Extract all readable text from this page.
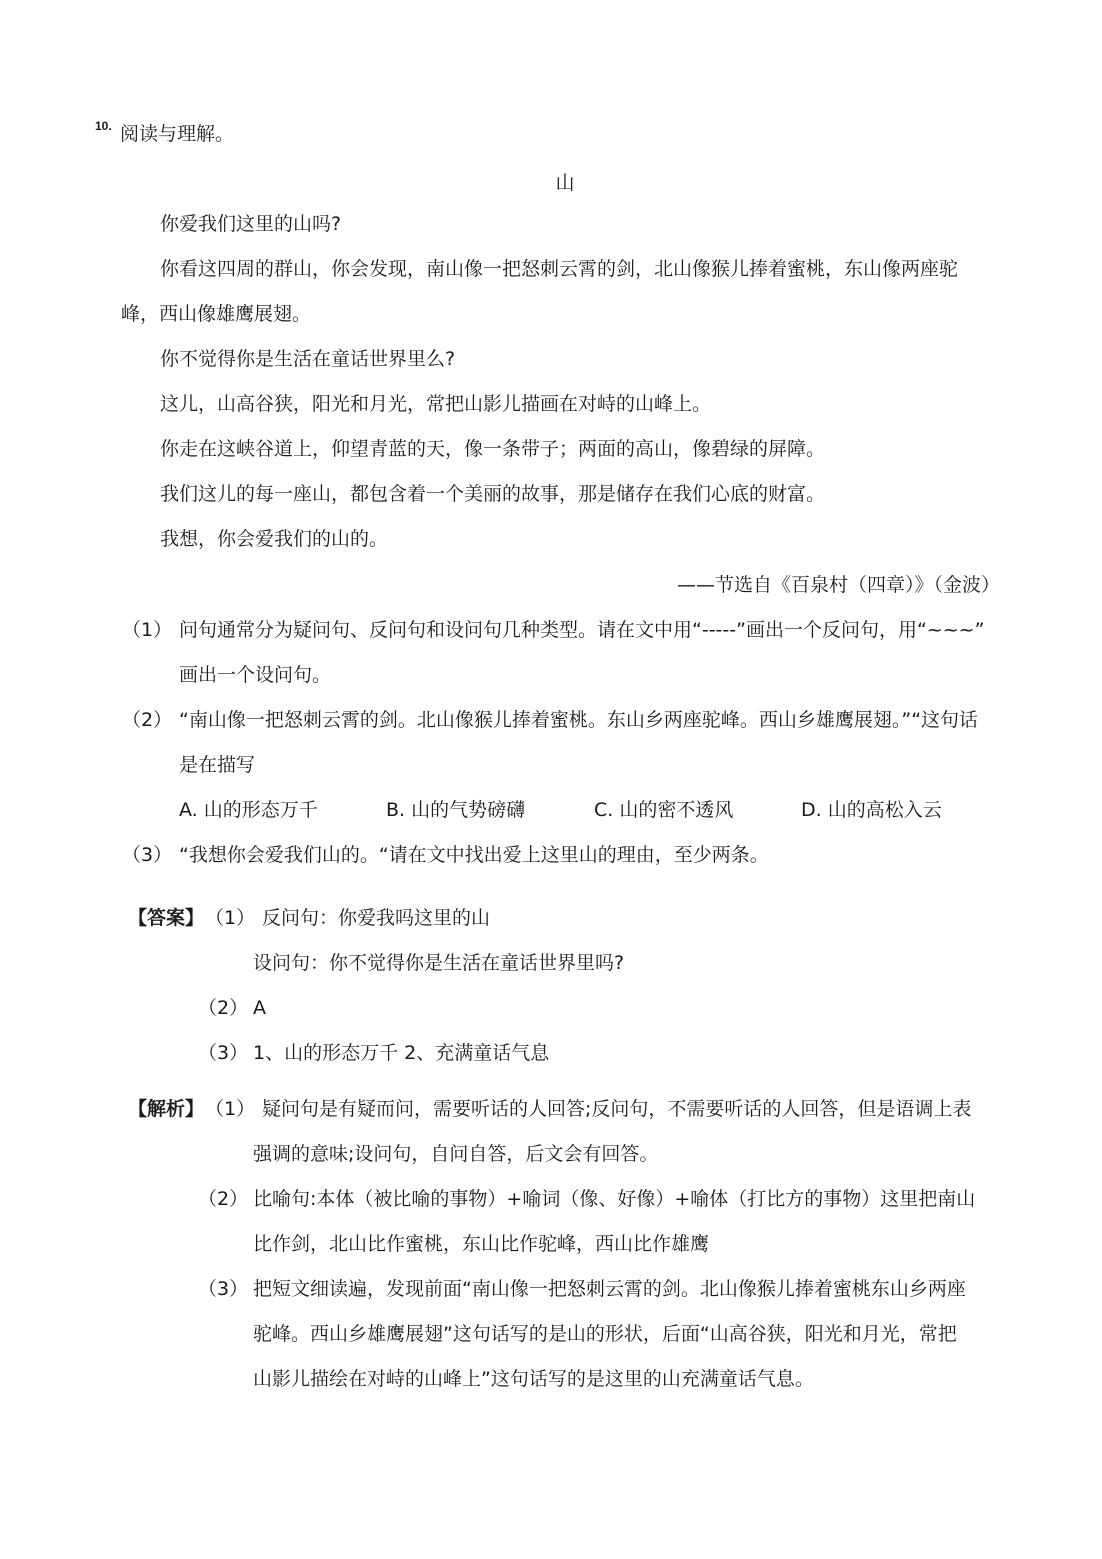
10. 阅读与理解。
山
你爱我们这里的山吗?
你看这四周的群山，你会发现，南山像一把怒刺云霄的剑，北山像猴儿捧着蜜桃，东山像两座驼
峰，西山像雄鹰展翅。
你不觉得你是生活在童话世界里么?
这儿，山高谷狭，阳光和月光，常把山影儿描画在对峙的山峰上。
你走在这峡谷道上，仰望青蓝的天，像一条带子；两面的高山，像碧绿的屏障。
我们这儿的每一座山，都包含着一个美丽的故事，那是储存在我们心底的财富。
我想，你会爱我们的山的。
——节选自《百泉村（四章）》（金波）
（1） 问句通常分为疑问句、反问句和设问句几种类型。请在文中用“-----”画出一个反问句，用“~~~”
画出一个设问句。
（2） “南山像一把怒刺云霄的剑。北山像猴儿捧着蜜桃。东山乡两座驼峰。西山乡雄鹰展翅。”“这句话
是在描写
A. 山的形态万千	B. 山的气势磅礴	C. 山的密不透风	D. 山的高松入云
（3） “我想你会爱我们山的。“请在文中找出爱上这里山的理由，至少两条。
【答案】 （1） 反问句：你爱我吗这里的山
设问句：你不觉得你是生活在童话世界里吗?
（2） A
（3） 1、山的形态万千 2、充满童话气息
【解析】 （1） 疑问句是有疑而问，需要听话的人回答;反问句，不需要听话的人回答，但是语调上表
强调的意味;设问句，自问自答，后文会有回答。
（2） 比喻句:本体（被比喻的事物）+喻词（像、好像）+喻体（打比方的事物）这里把南山
比作剑，北山比作蜜桃，东山比作驼峰，西山比作雄鹰
（3） 把短文细读遍，发现前面“南山像一把怒刺云霄的剑。北山像猴儿捧着蜜桃东山乡两座
驼峰。西山乡雄鹰展翅”这句话写的是山的形状，后面“山高谷狭，阳光和月光，常把
山影儿描绘在对峙的山峰上”这句话写的是这里的山充满童话气息。
